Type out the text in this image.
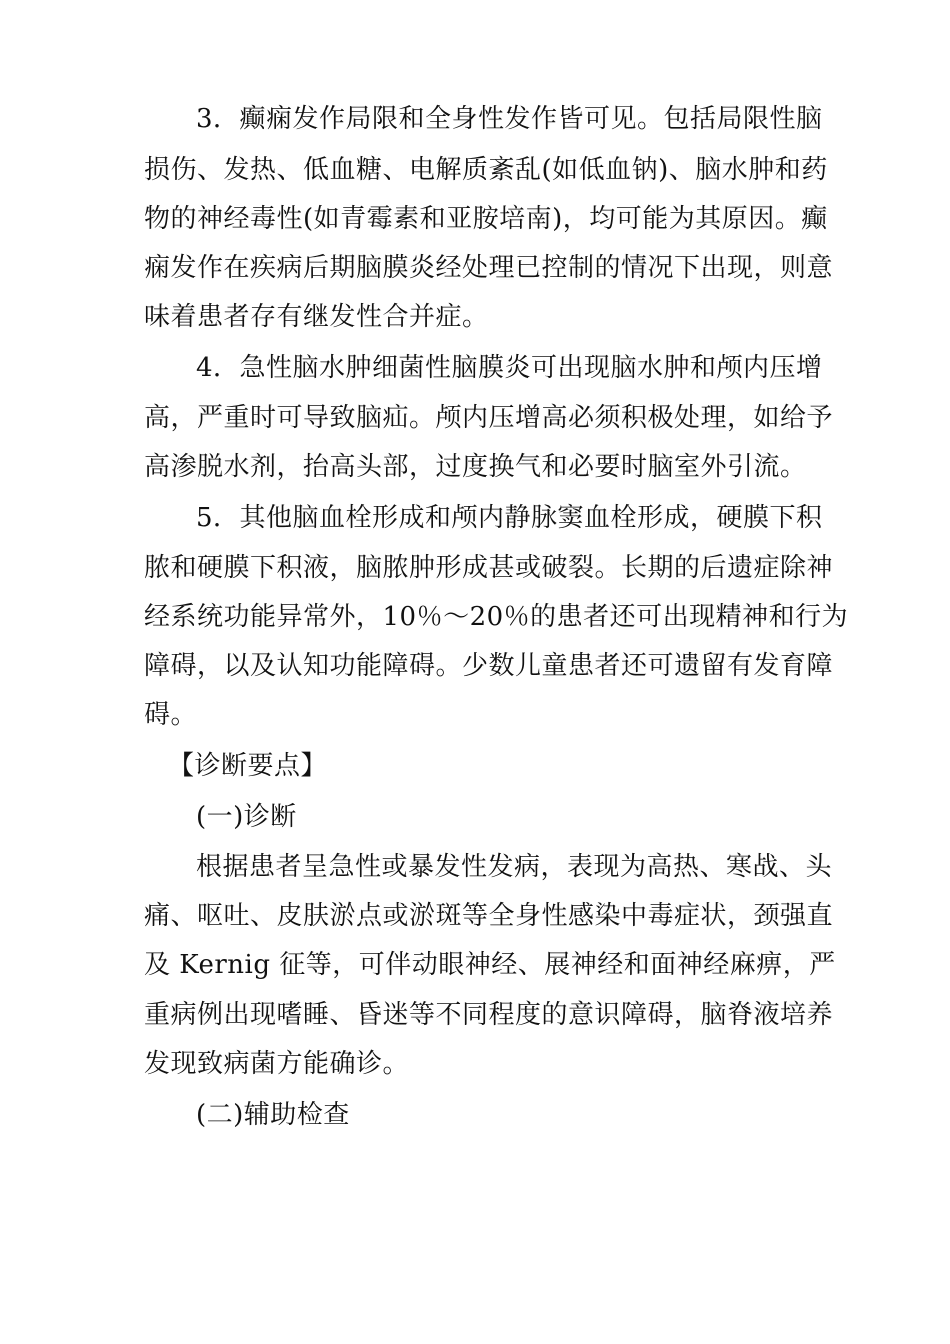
3．癫痫发作局限和全身性发作皆可见。包括局限性脑
损伤、发热、低血糖、电解质紊乱(如低血钠)、脑水肿和药
物的神经毒性(如青霉素和亚胺培南)，均可能为其原因。癫
痫发作在疾病后期脑膜炎经处理已控制的情况下出现，则意
味着患者存有继发性合并症。
4．急性脑水肿细菌性脑膜炎可出现脑水肿和颅内压增
高，严重时可导致脑疝。颅内压增高必须积极处理，如给予
高渗脱水剂，抬高头部，过度换气和必要时脑室外引流。
5．其他脑血栓形成和颅内静脉窦血栓形成，硬膜下积
脓和硬膜下积液，脑脓肿形成甚或破裂。长期的后遗症除神
经系统功能异常外，10％～20％的患者还可出现精神和行为
障碍，以及认知功能障碍。少数儿童患者还可遗留有发育障
碍。
【诊断要点】
(一)诊断
根据患者呈急性或暴发性发病，表现为高热、寒战、头
痛、呕吐、皮肤淤点或淤斑等全身性感染中毒症状，颈强直
及 Kernig 征等，可伴动眼神经、展神经和面神经麻痹，严
重病例出现嗜睡、昏迷等不同程度的意识障碍，脑脊液培养
发现致病菌方能确诊。
(二)辅助检查
